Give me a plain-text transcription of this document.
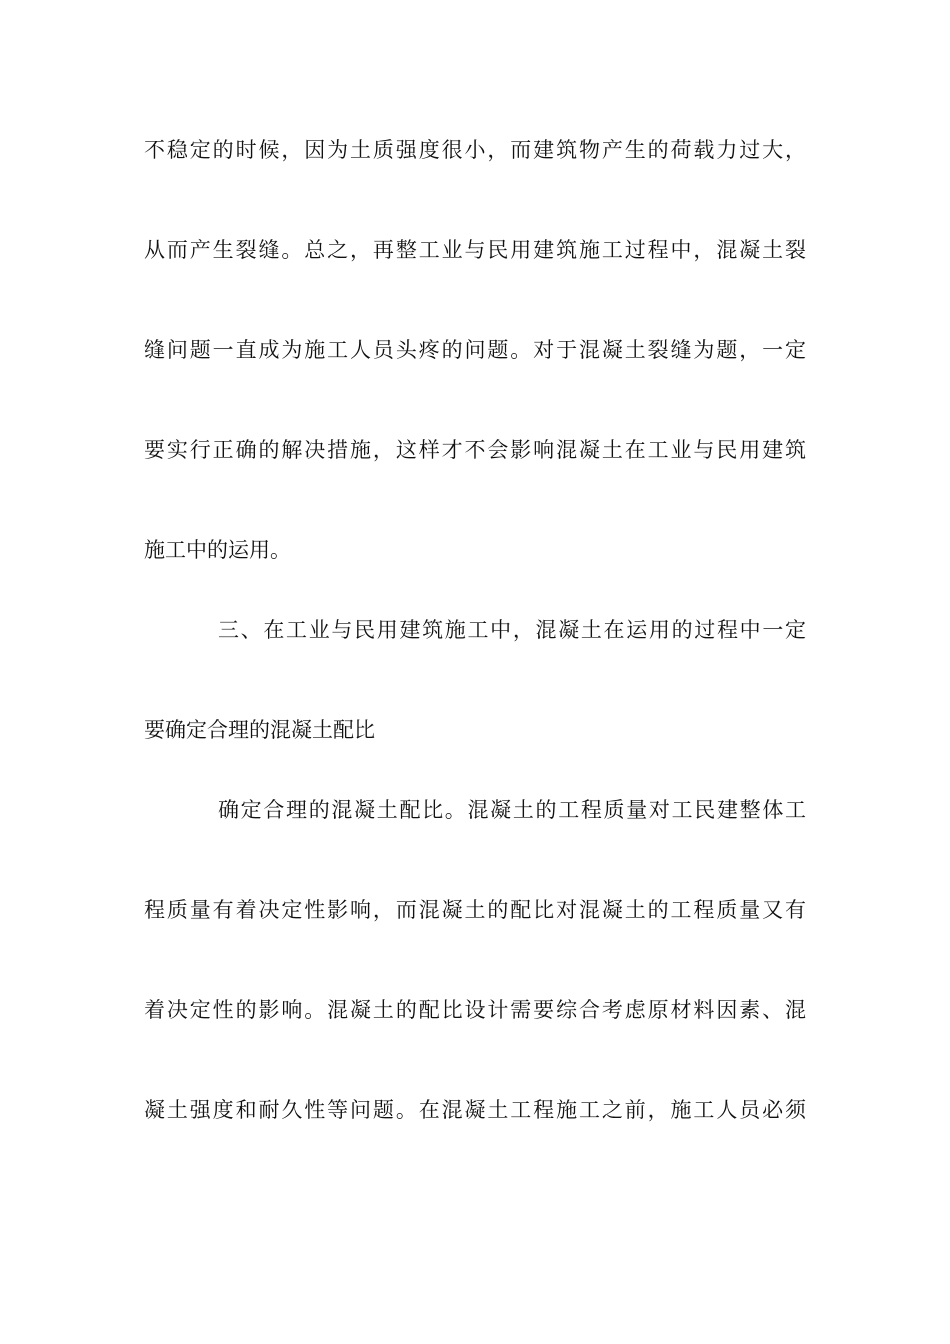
不稳定的时候，因为土质强度很小，而建筑物产生的荷载力过大，
从而产生裂缝。总之，再整工业与民用建筑施工过程中，混凝土裂
缝问题一直成为施工人员头疼的问题。对于混凝土裂缝为题，一定
要实行正确的解决措施，这样才不会影响混凝土在工业与民用建筑
施工中的运用。
三、在工业与民用建筑施工中，混凝土在运用的过程中一定
要确定合理的混凝土配比
确定合理的混凝土配比。混凝土的工程质量对工民建整体工
程质量有着决定性影响，而混凝土的配比对混凝土的工程质量又有
着决定性的影响。混凝土的配比设计需要综合考虑原材料因素、混
凝土强度和耐久性等问题。在混凝土工程施工之前，施工人员必须
